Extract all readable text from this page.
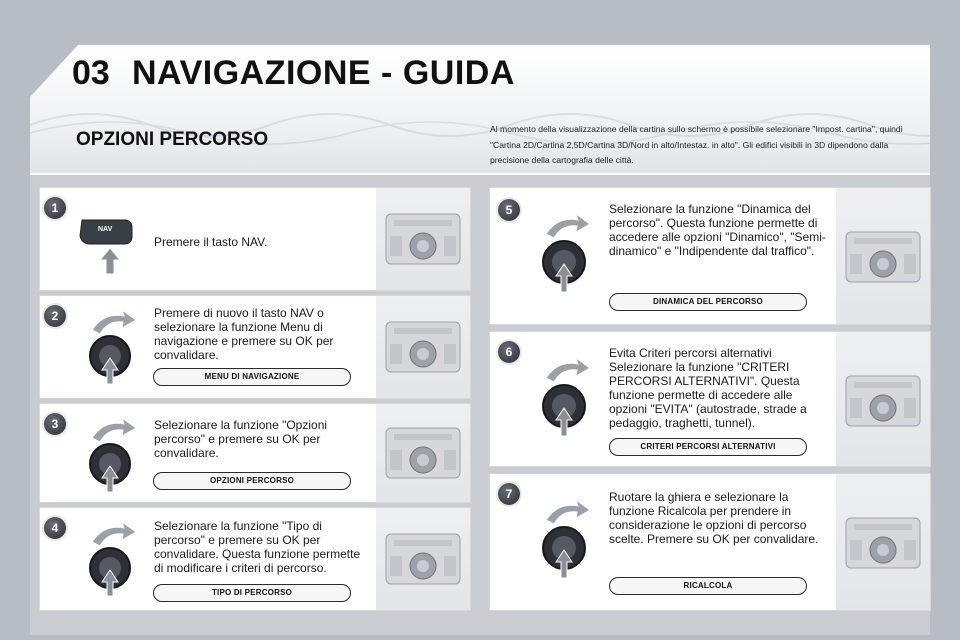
03 NAVIGAZIONE - GUIDA
OPZIONI PERCORSO	Al momento della visualizzazione della cartina sullo schermo è possibile selezionare "Impost. cartina", quindi "Cartina 2D/Cartina 2,5D/Cartina 3D/Nord in alto/Intestaz. in alto". Gli edifici visibili in 3D dipendono dalla precisione della cartografia delle città.
1
2
3
4
5
6
7
NAV
Premere il tasto NAV.
Premere di nuovo il tasto NAV o selezionare la funzione Menu di navigazione e premere su OK per convalidare.
Selezionare la funzione "Opzioni percorso" e premere su OK per convalidare.
Selezionare la funzione "Tipo di percorso" e premere su OK per convalidare. Questa funzione permette di modificare i criteri di percorso.
Selezionare la funzione "Dinamica del percorso". Questa funzione permette di accedere alle opzioni "Dinamico", "Semi-dinamico" e "Indipendente dal traffico".
Evita Criteri percorsi alternativi Selezionare la funzione "CRITERI PERCORSI ALTERNATIVI". Questa funzione permette di accedere alle opzioni "EVITA" (autostrade, strade a pedaggio, traghetti, tunnel).
Ruotare la ghiera e selezionare la funzione Ricalcola per prendere in considerazione le opzioni di percorso scelte. Premere su OK per convalidare.
MENU DI NAVIGAZIONE
OPZIONI PERCORSO
TIPO DI PERCORSO
DINAMICA DEL PERCORSO
CRITERI PERCORSI ALTERNATIVI
RICALCOLA
